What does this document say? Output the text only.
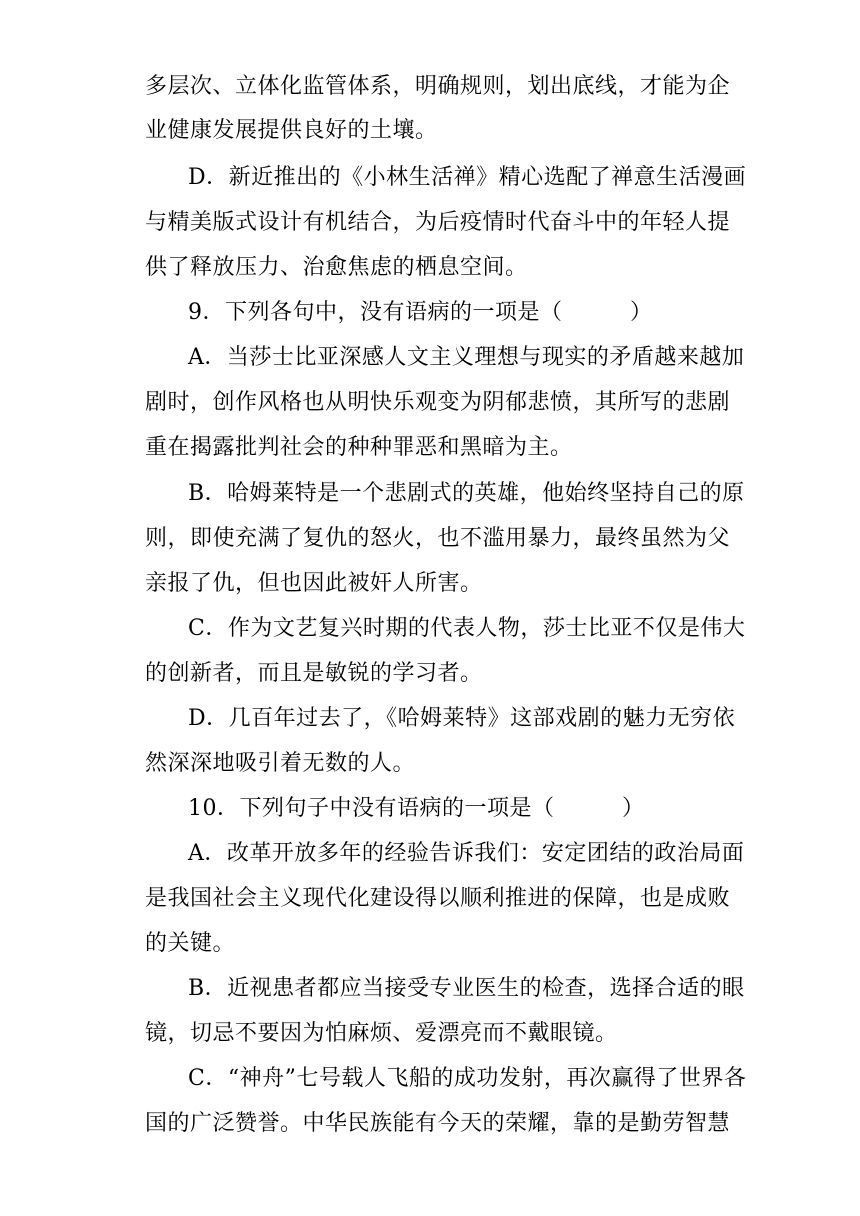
多层次、立体化监管体系，明确规则，划出底线，才能为企
业健康发展提供良好的土壤。
D．新近推出的《小林生活禅》精心选配了禅意生活漫画
与精美版式设计有机结合，为后疫情时代奋斗中的年轻人提
供了释放压力、治愈焦虑的栖息空间。
9．下列各句中，没有语病的一项是（　　　）
A．当莎士比亚深感人文主义理想与现实的矛盾越来越加
剧时，创作风格也从明快乐观变为阴郁悲愤，其所写的悲剧
重在揭露批判社会的种种罪恶和黑暗为主。
B．哈姆莱特是一个悲剧式的英雄，他始终坚持自己的原
则，即使充满了复仇的怒火，也不滥用暴力，最终虽然为父
亲报了仇，但也因此被奸人所害。
C．作为文艺复兴时期的代表人物，莎士比亚不仅是伟大
的创新者，而且是敏锐的学习者。
D．几百年过去了，《哈姆莱特》这部戏剧的魅力无穷依
然深深地吸引着无数的人。
10．下列句子中没有语病的一项是（　　　）
A．改革开放多年的经验告诉我们：安定团结的政治局面
是我国社会主义现代化建设得以顺利推进的保障，也是成败
的关键。
B．近视患者都应当接受专业医生的检查，选择合适的眼
镜，切忌不要因为怕麻烦、爱漂亮而不戴眼镜。
C．“神舟”七号载人飞船的成功发射，再次赢得了世界各
国的广泛赞誉。中华民族能有今天的荣耀，靠的是勤劳智慧
